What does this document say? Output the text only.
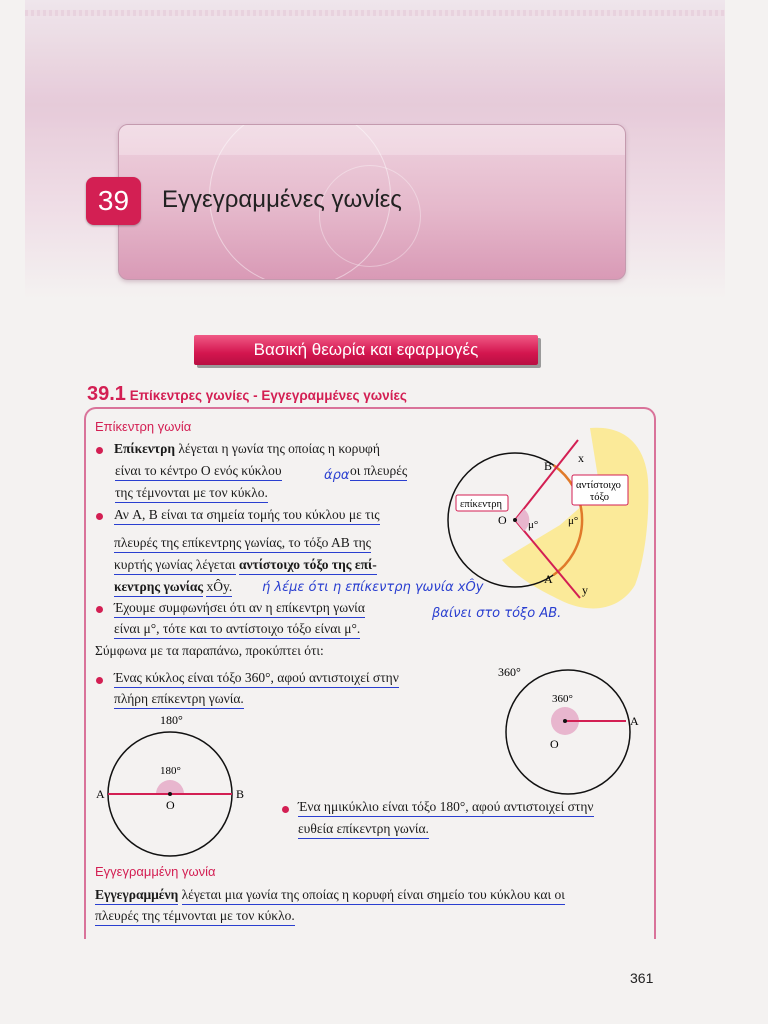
39	Εγγεγραμμένες γωνίες
Βασική θεωρία και εφαρμογές
39.1 Επίκεντρες γωνίες - Εγγεγραμμένες γωνίες
Επίκεντρη γωνία
Επίκεντρη λέγεται η γωνία της οποίας η κορυφή
είναι το κέντρο O ενός κύκλου	άρα οι πλευρές
της τέμνονται με τον κύκλο.
Αν A, B είναι τα σημεία τομής του κύκλου με τις
πλευρές της επίκεντρης γωνίας, το τόξο ΑΒ της
κυρτής γωνίας λέγεται αντίστοιχο τόξο της επί-
κεντρης γωνίας xÔy. ή λέμε ότι η επίκεντρη γωνία xÔy
Έχουμε συμφωνήσει ότι αν η επίκεντρη γωνία	βαίνει στο τόξο ΑΒ.
είναι μ°, τότε και το αντίστοιχο τόξο είναι μ°.
Σύμφωνα με τα παραπάνω, προκύπτει ότι:
Ένας κύκλος είναι τόξο 360°, αφού αντιστοιχεί στην
πλήρη επίκεντρη γωνία.
Ένα ημικύκλιο είναι τόξο 180°, αφού αντιστοιχεί στην
ευθεία επίκεντρη γωνία.
Εγγεγραμμένη γωνία
Εγγεγραμμένη λέγεται μια γωνία της οποίας η κορυφή είναι σημείο του κύκλου και οι
πλευρές της τέμνονται με τον κύκλο.
O
B
A
x
y
μ°	μ°
επίκεντρη
αντίστοιχο
τόξο
360°
360°
O
A
180°
180°
O
A	B
361
